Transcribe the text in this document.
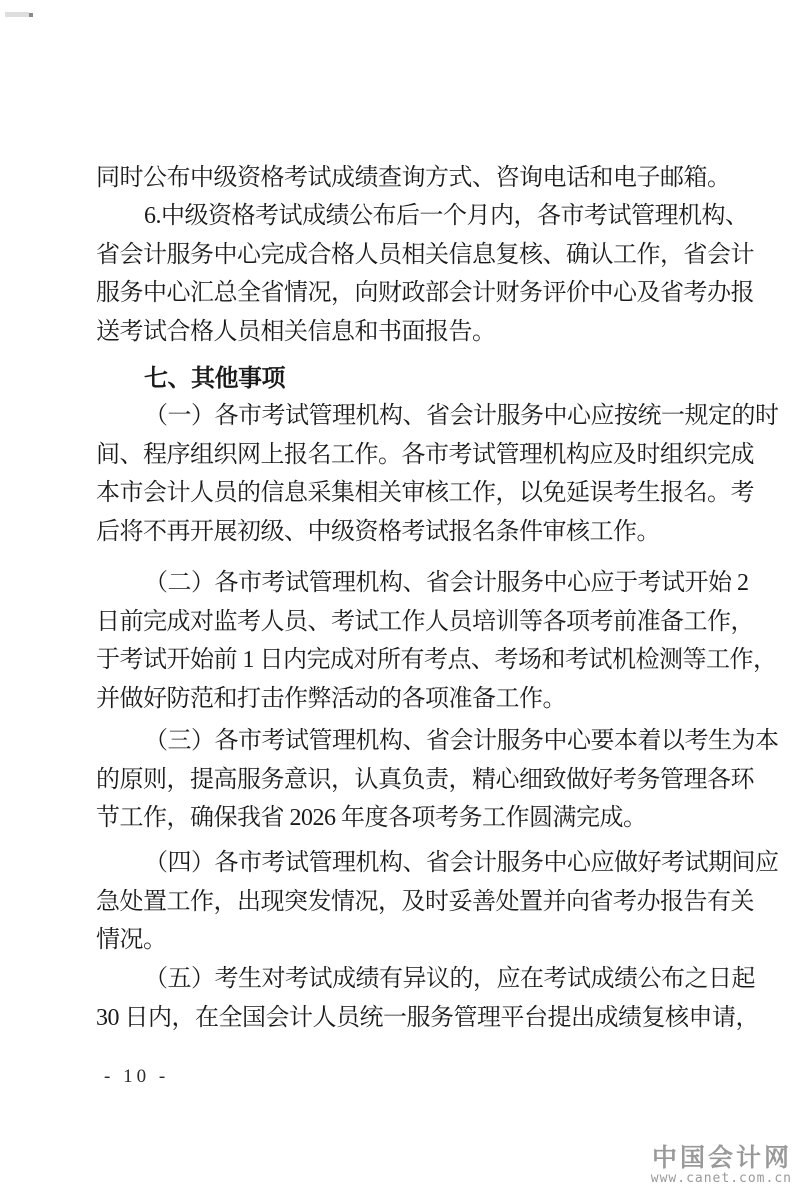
同时公布中级资格考试成绩查询方式、咨询电话和电子邮箱。
6.中级资格考试成绩公布后一个月内，各市考试管理机构、
省会计服务中心完成合格人员相关信息复核、确认工作，省会计
服务中心汇总全省情况，向财政部会计财务评价中心及省考办报
送考试合格人员相关信息和书面报告。
七、其他事项
（一）各市考试管理机构、省会计服务中心应按统一规定的时
间、程序组织网上报名工作。各市考试管理机构应及时组织完成
本市会计人员的信息采集相关审核工作，以免延误考生报名。考
后将不再开展初级、中级资格考试报名条件审核工作。
（二）各市考试管理机构、省会计服务中心应于考试开始 2
日前完成对监考人员、考试工作人员培训等各项考前准备工作，
于考试开始前 1 日内完成对所有考点、考场和考试机检测等工作，
并做好防范和打击作弊活动的各项准备工作。
（三）各市考试管理机构、省会计服务中心要本着以考生为本
的原则，提高服务意识，认真负责，精心细致做好考务管理各环
节工作，确保我省 2026 年度各项考务工作圆满完成。
（四）各市考试管理机构、省会计服务中心应做好考试期间应
急处置工作，出现突发情况，及时妥善处置并向省考办报告有关
情况。
（五）考生对考试成绩有异议的，应在考试成绩公布之日起
30 日内，在全国会计人员统一服务管理平台提出成绩复核申请，
- 10 -
中国会计网
www.canet.com.cn
